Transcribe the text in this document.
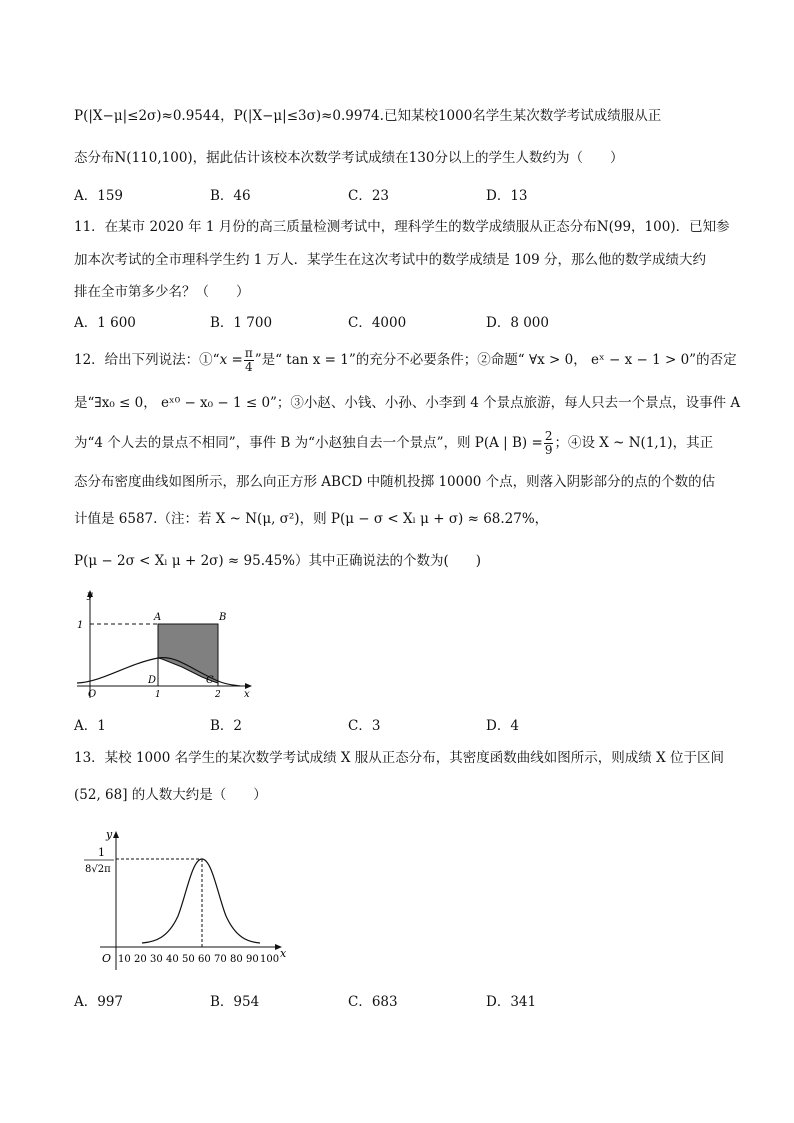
P(|X−μ|≤2σ)≈0.9544，P(|X−μ|≤3σ)≈0.9974.已知某校1000名学生某次数学考试成绩服从正
态分布N(110,100)，据此估计该校本次数学考试成绩在130分以上的学生人数约为（　　）
A．159	B．46	C．23	D．13
11．在某市 2020 年 1 月份的高三质量检测考试中，理科学生的数学成绩服从正态分布N(99，100)．已知参
加本次考试的全市理科学生约 1 万人．某学生在这次考试中的数学成绩是 109 分，那么他的数学成绩大约
排在全市第多少名？（　　）
A．1 600	B．1 700	C．4000	D．8 000
12．给出下列说法：①“x = $\frac{\pi}{4}$ ”是“ tan x = 1”的充分不必要条件；②命题“ ∀x > 0， eˣ − x − 1 > 0”的否定
是“∃x₀ ≤ 0， eˣ⁰ − x₀ − 1 ≤ 0”；③小赵、小钱、小孙、小李到 4 个景点旅游，每人只去一个景点，设事件 A
为“4 个人去的景点不相同”，事件 B 为“小赵独自去一个景点”，则 P(A | $B) = \frac{2}{9}$ ；④设 X ~ N(1,1)，其正
态分布密度曲线如图所示，那么向正方形 ABCD 中随机投掷 10000 个点，则落入阴影部分的点的个数的估
计值是 6587.（注：若 X ~ N(μ, σ²)，则 P(μ − σ < Xₗ μ + σ) ≈ 68.27%，
P(μ − 2σ < Xₗ μ + 2σ) ≈ 95.45%）其中正确说法的个数为(　　)
y
1
A	B
D	C
O	1	2 x
A．1	B．2	C．3	D．4
13．某校 1000 名学生的某次数学考试成绩 X 服从正态分布，其密度函数曲线如图所示，则成绩 X 位于区间
(52, 68] 的人数大约是（　　）
y
1
8√2π
O	x
10 20 30 40 50 60 70 80 90 100
A．997	B．954	C．683	D．341
